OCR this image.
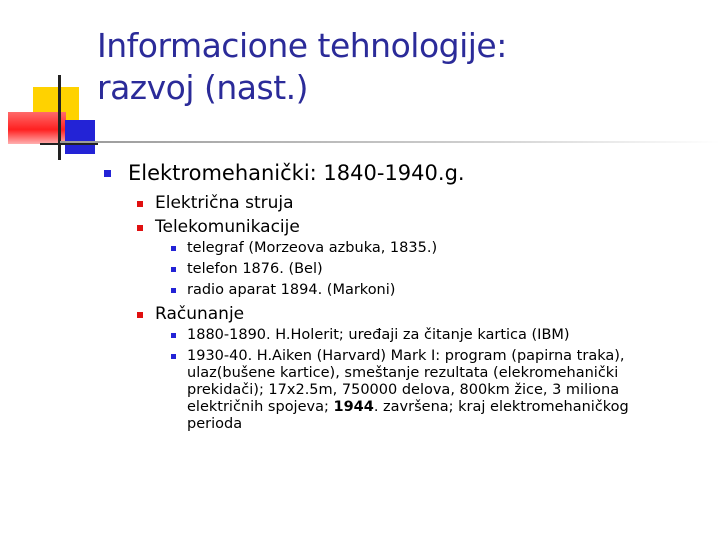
Informacione tehnologije:
razvoj (nast.)
Elektromehanički: 1840-1940.g.
Električna struja
Telekomunikacije
telegraf (Morzeova azbuka, 1835.)
telefon 1876. (Bel)
radio aparat 1894. (Markoni)
Računanje
1880-1890. H.Holerit; uređaji za čitanje kartica (IBM)
1930-40. H.Aiken (Harvard) Mark I: program (papirna traka), ulaz(bušene kartice), smeštanje rezultata (elekromehanički prekidači); 17x2.5m, 750000 delova, 800km žice, 3 miliona električnih spojeva; 1944. završena; kraj elektromehaničkog perioda
